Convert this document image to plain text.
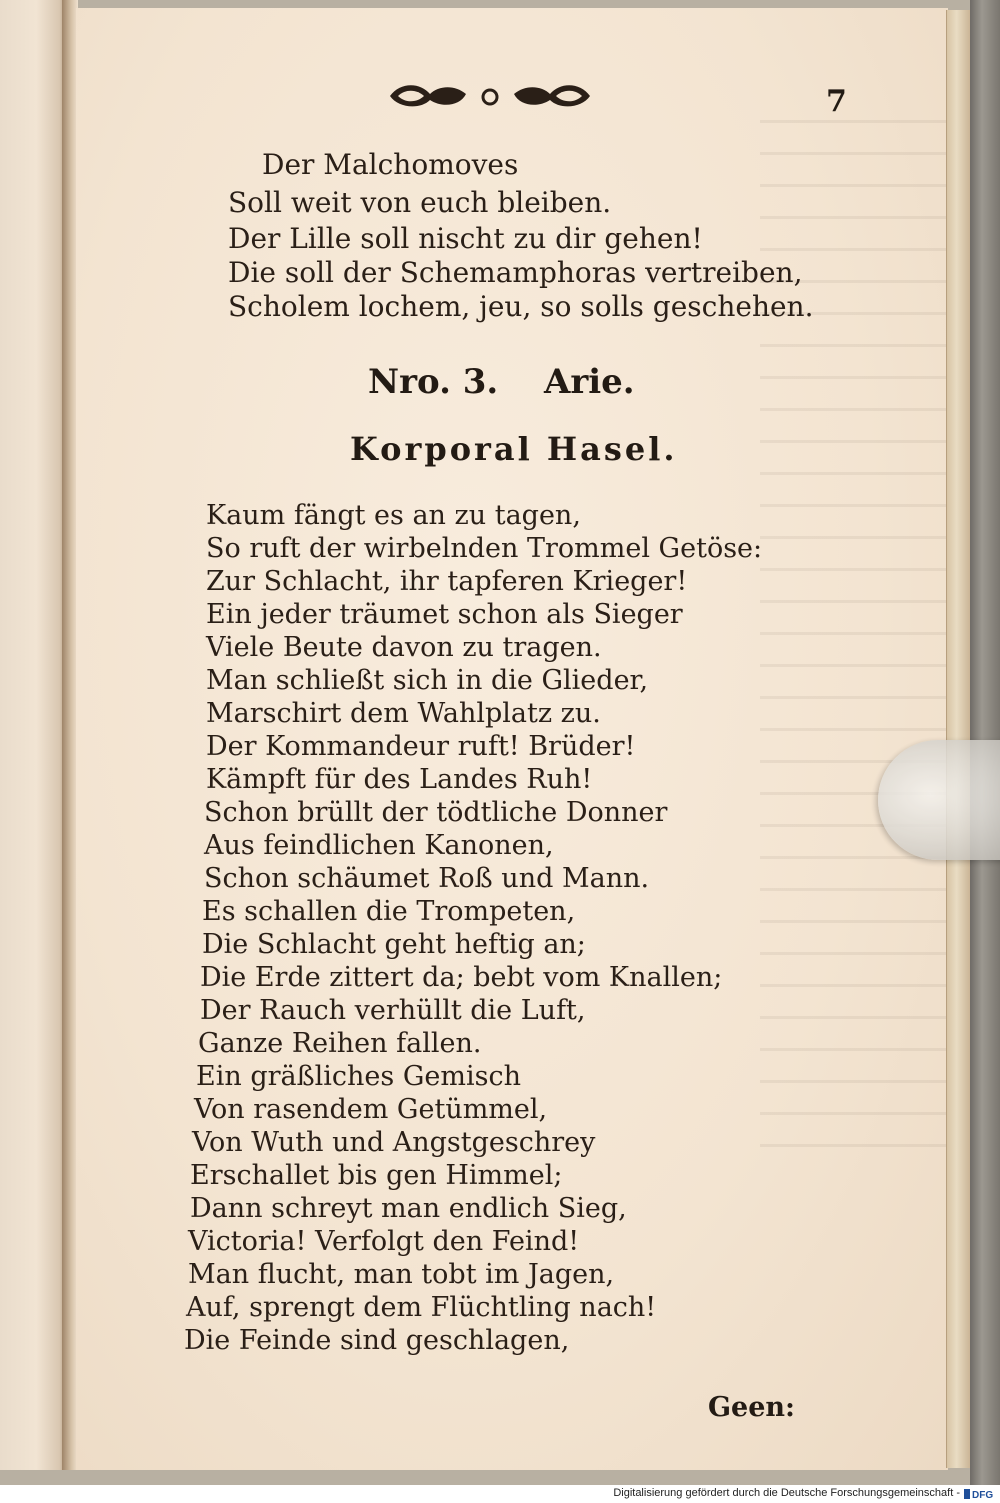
7
Der Malchomoves
Soll weit von euch bleiben.
Der Lille soll nischt zu dir gehen!
Die soll der Schemamphoras vertreiben,
Scholem lochem, jeu, so solls geschehen.
Nro. 3. Arie.
Korporal Hasel.
Kaum fängt es an zu tagen,
So ruft der wirbelnden Trommel Getöse:
Zur Schlacht, ihr tapferen Krieger!
Ein jeder träumet schon als Sieger
Viele Beute davon zu tragen.
Man schließt sich in die Glieder,
Marschirt dem Wahlplatz zu.
Der Kommandeur ruft! Brüder!
Kämpft für des Landes Ruh!
Schon brüllt der tödtliche Donner
Aus feindlichen Kanonen,
Schon schäumet Roß und Mann.
Es schallen die Trompeten,
Die Schlacht geht heftig an;
Die Erde zittert da; bebt vom Knallen;
Der Rauch verhüllt die Luft,
Ganze Reihen fallen.
Ein gräßliches Gemisch
Von rasendem Getümmel,
Von Wuth und Angstgeschrey
Erschallet bis gen Himmel;
Dann schreyt man endlich Sieg,
Victoria! Verfolgt den Feind!
Man flucht, man tobt im Jagen,
Auf, sprengt dem Flüchtling nach!
Die Feinde sind geschlagen,
Geen:
Digitalisierung gefördert durch die Deutsche Forschungsgemeinschaft - DFG
